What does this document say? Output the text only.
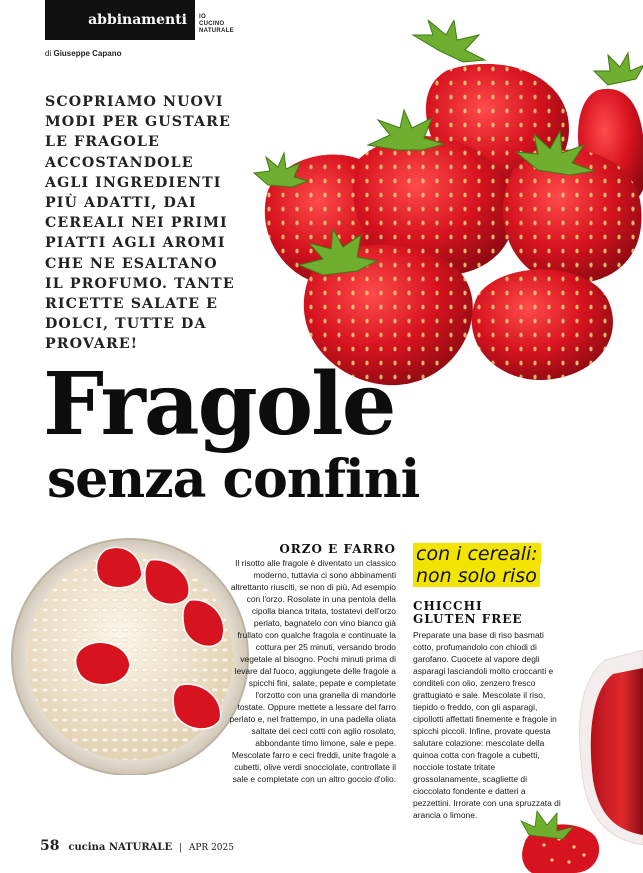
abbinamenti	IO
CUCINO
NATURALE
di Giuseppe Capano
SCOPRIAMO NUOVI MODI PER GUSTARE LE FRAGOLE ACCOSTANDOLE AGLI INGREDIENTI PIÙ ADATTI, DAI CEREALI NEI PRIMI PIATTI AGLI AROMI CHE NE ESALTANO IL PROFUMO. TANTE RICETTE SALATE E DOLCI, TUTTE DA PROVARE!
Fragole
senza confini
ORZO E FARRO
Il risotto alle fragole è diventato un classico moderno, tuttavia ci sono abbinamenti altrettanto riusciti, se non di più. Ad esempio con l'orzo. Rosolate in una pentola della cipolla bianca tritata, tostatevi dell'orzo perlato, bagnatelo con vino bianco già frullato con qualche fragola e continuate la cottura per 25 minuti, versando brodo vegetale al bisogno. Pochi minuti prima di levare dal fuoco, aggiungete delle fragole a spicchi fini, salate, pepate e completate l'orzotto con una granella di mandorle tostate. Oppure mettete a lessare del farro perlato e, nel frattempo, in una padella oliata saltate dei ceci cotti con aglio rosolato, abbondante timo limone, sale e pepe. Mescolate farro e ceci freddi, unite fragole a cubetti, olive verdi snocciolate, controllate il sale e completate con un altro goccio d'olio.
con i cereali: non solo riso
CHICCHI
GLUTEN FREE
Preparate una base di riso basmati cotto, profumandolo con chiodi di garofano. Cuocete al vapore degli asparagi lasciandoli molto croccanti e conditeli con olio, zenzero fresco grattugiato e sale. Mescolate il riso, tiepido o freddo, con gli asparagi, cipollotti affettati finemente e fragole in spicchi piccoli. Infine, provate questa salutare colazione: mescolate della quinoa cotta con fragole a cubetti, nocciole tostate tritate grossolanamente, scagliette di cioccolato fondente e datteri a pezzettini. Irrorate con una spruzzata di arancia o limone.
58 cucina NATURALE | APR 2025
